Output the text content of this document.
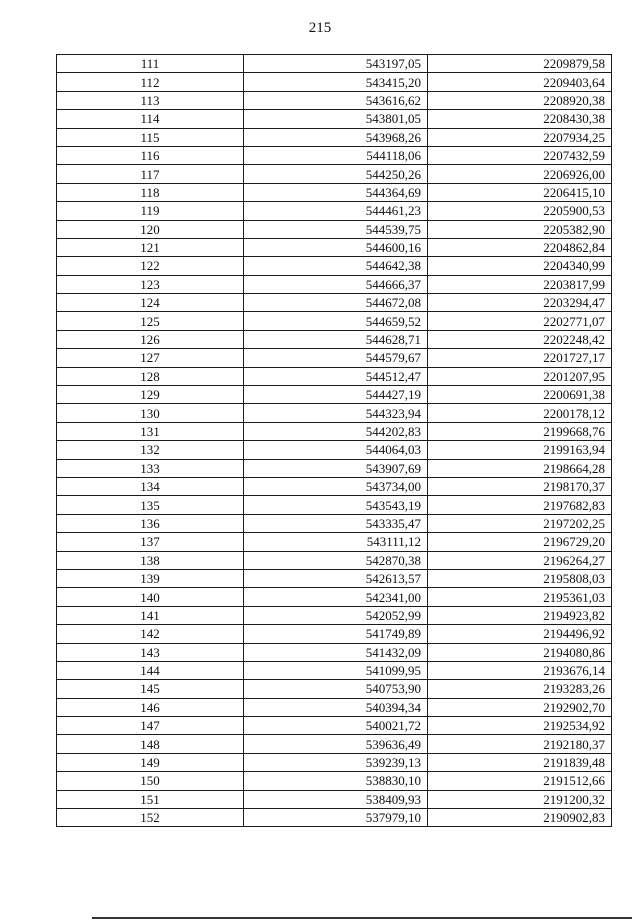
215
111	543197,05	2209879,58
112	543415,20	2209403,64
113	543616,62	2208920,38
114	543801,05	2208430,38
115	543968,26	2207934,25
116	544118,06	2207432,59
117	544250,26	2206926,00
118	544364,69	2206415,10
119	544461,23	2205900,53
120	544539,75	2205382,90
121	544600,16	2204862,84
122	544642,38	2204340,99
123	544666,37	2203817,99
124	544672,08	2203294,47
125	544659,52	2202771,07
126	544628,71	2202248,42
127	544579,67	2201727,17
128	544512,47	2201207,95
129	544427,19	2200691,38
130	544323,94	2200178,12
131	544202,83	2199668,76
132	544064,03	2199163,94
133	543907,69	2198664,28
134	543734,00	2198170,37
135	543543,19	2197682,83
136	543335,47	2197202,25
137	543111,12	2196729,20
138	542870,38	2196264,27
139	542613,57	2195808,03
140	542341,00	2195361,03
141	542052,99	2194923,82
142	541749,89	2194496,92
143	541432,09	2194080,86
144	541099,95	2193676,14
145	540753,90	2193283,26
146	540394,34	2192902,70
147	540021,72	2192534,92
148	539636,49	2192180,37
149	539239,13	2191839,48
150	538830,10	2191512,66
151	538409,93	2191200,32
152	537979,10	2190902,83
